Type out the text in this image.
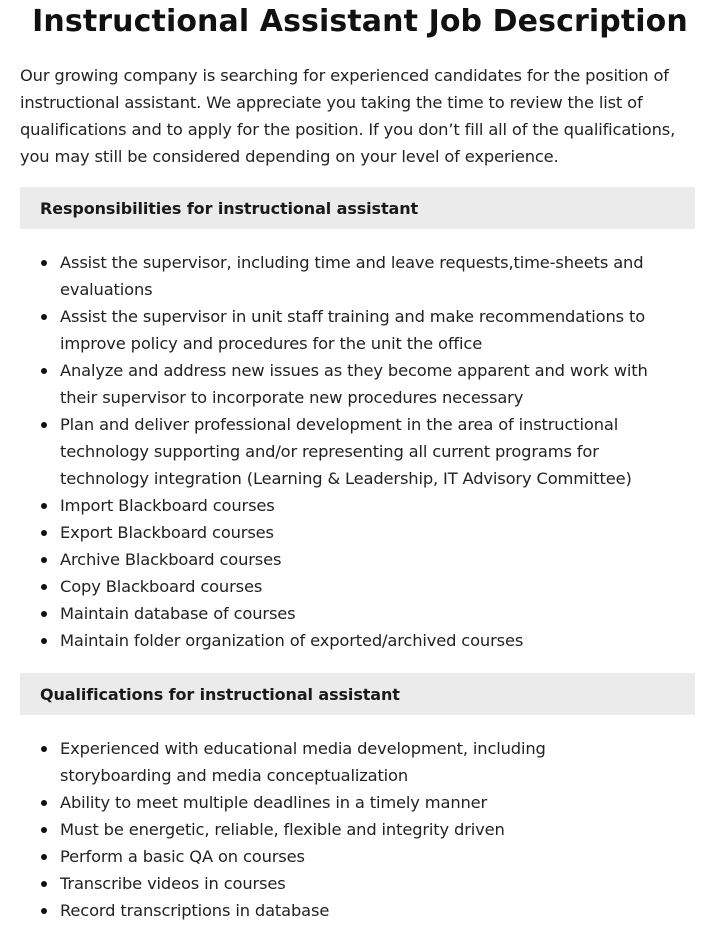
Instructional Assistant Job Description

Our growing company is searching for experienced candidates for the position of instructional assistant. We appreciate you taking the time to review the list of qualifications and to apply for the position. If you don’t fill all of the qualifications, you may still be considered depending on your level of experience.

Responsibilities for instructional assistant
Assist the supervisor, including time and leave requests,time-sheets and evaluations
Assist the supervisor in unit staff training and make recommendations to improve policy and procedures for the unit the office
Analyze and address new issues as they become apparent and work with their supervisor to incorporate new procedures necessary
Plan and deliver professional development in the area of instructional technology supporting and/or representing all current programs for technology integration (Learning & Leadership, IT Advisory Committee)
Import Blackboard courses
Export Blackboard courses
Archive Blackboard courses
Copy Blackboard courses
Maintain database of courses
Maintain folder organization of exported/archived courses
Qualifications for instructional assistant
Experienced with educational media development, including storyboarding and media conceptualization
Ability to meet multiple deadlines in a timely manner
Must be energetic, reliable, flexible and integrity driven
Perform a basic QA on courses
Transcribe videos in courses
Record transcriptions in database
